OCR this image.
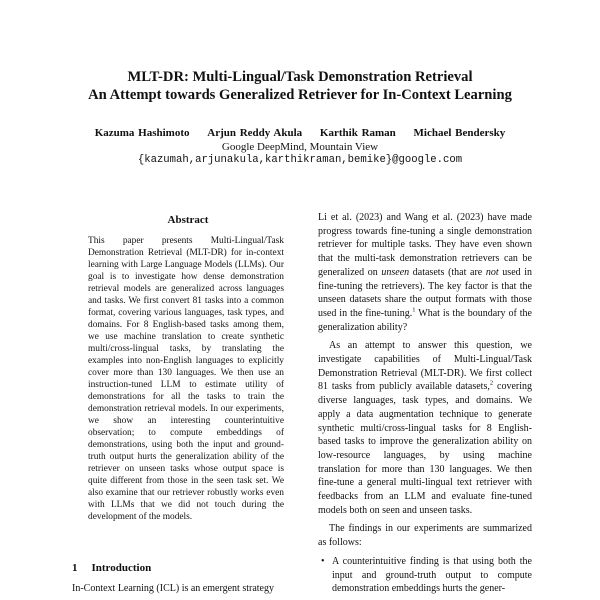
MLT-DR: Multi-Lingual/Task Demonstration Retrieval
An Attempt towards Generalized Retriever for In-Context Learning
Kazuma Hashimoto Arjun Reddy Akula Karthik Raman Michael Bendersky
Google DeepMind, Mountain View
{kazumah,arjunakula,karthikraman,bemike}@google.com
Abstract
This paper presents Multi-Lingual/Task Demonstration Retrieval (MLT-DR) for in-context learning with Large Language Models (LLMs). Our goal is to investigate how dense demonstration retrieval models are generalized across languages and tasks. We first convert 81 tasks into a common format, covering various languages, task types, and domains. For 8 English-based tasks among them, we use machine translation to create synthetic multi/cross-lingual tasks, by translating the examples into non-English languages to explicitly cover more than 130 languages. We then use an instruction-tuned LLM to estimate utility of demonstrations for all the tasks to train the demonstration retrieval models. In our experiments, we show an interesting counterintuitive observation; to compute embeddings of demonstrations, using both the input and ground-truth output hurts the generalization ability of the retriever on unseen tasks whose output space is quite different from those in the seen task set. We also examine that our retriever robustly works even with LLMs that we did not touch during the development of the models.
1 Introduction
In-Context Learning (ICL) is an emergent strategy

Li et al. (2023) and Wang et al. (2023) have made progress towards fine-tuning a single demonstration retriever for multiple tasks. They have even shown that the multi-task demonstration retrievers can be generalized on unseen datasets (that are not used in fine-tuning the retrievers). The key factor is that the unseen datasets share the output formats with those used in the fine-tuning.$^1$ What is the boundary of the generalization ability?

As an attempt to answer this question, we investigate capabilities of Multi-Lingual/Task Demonstration Retrieval (MLT-DR). We first collect 81 tasks from publicly available datasets,$^2$ covering diverse languages, task types, and domains. We apply a data augmentation technique to generate synthetic multi/cross-lingual tasks for 8 English-based tasks to improve the generalization ability on low-resource languages, by using machine translation for more than 130 languages. We then fine-tune a general multi-lingual text retriever with feedbacks from an LLM and evaluate fine-tuned models both on seen and unseen tasks.

The findings in our experiments are summarized as follows:

• A counterintuitive finding is that using both the input and ground-truth output to compute demonstration embeddings hurts the gener-
